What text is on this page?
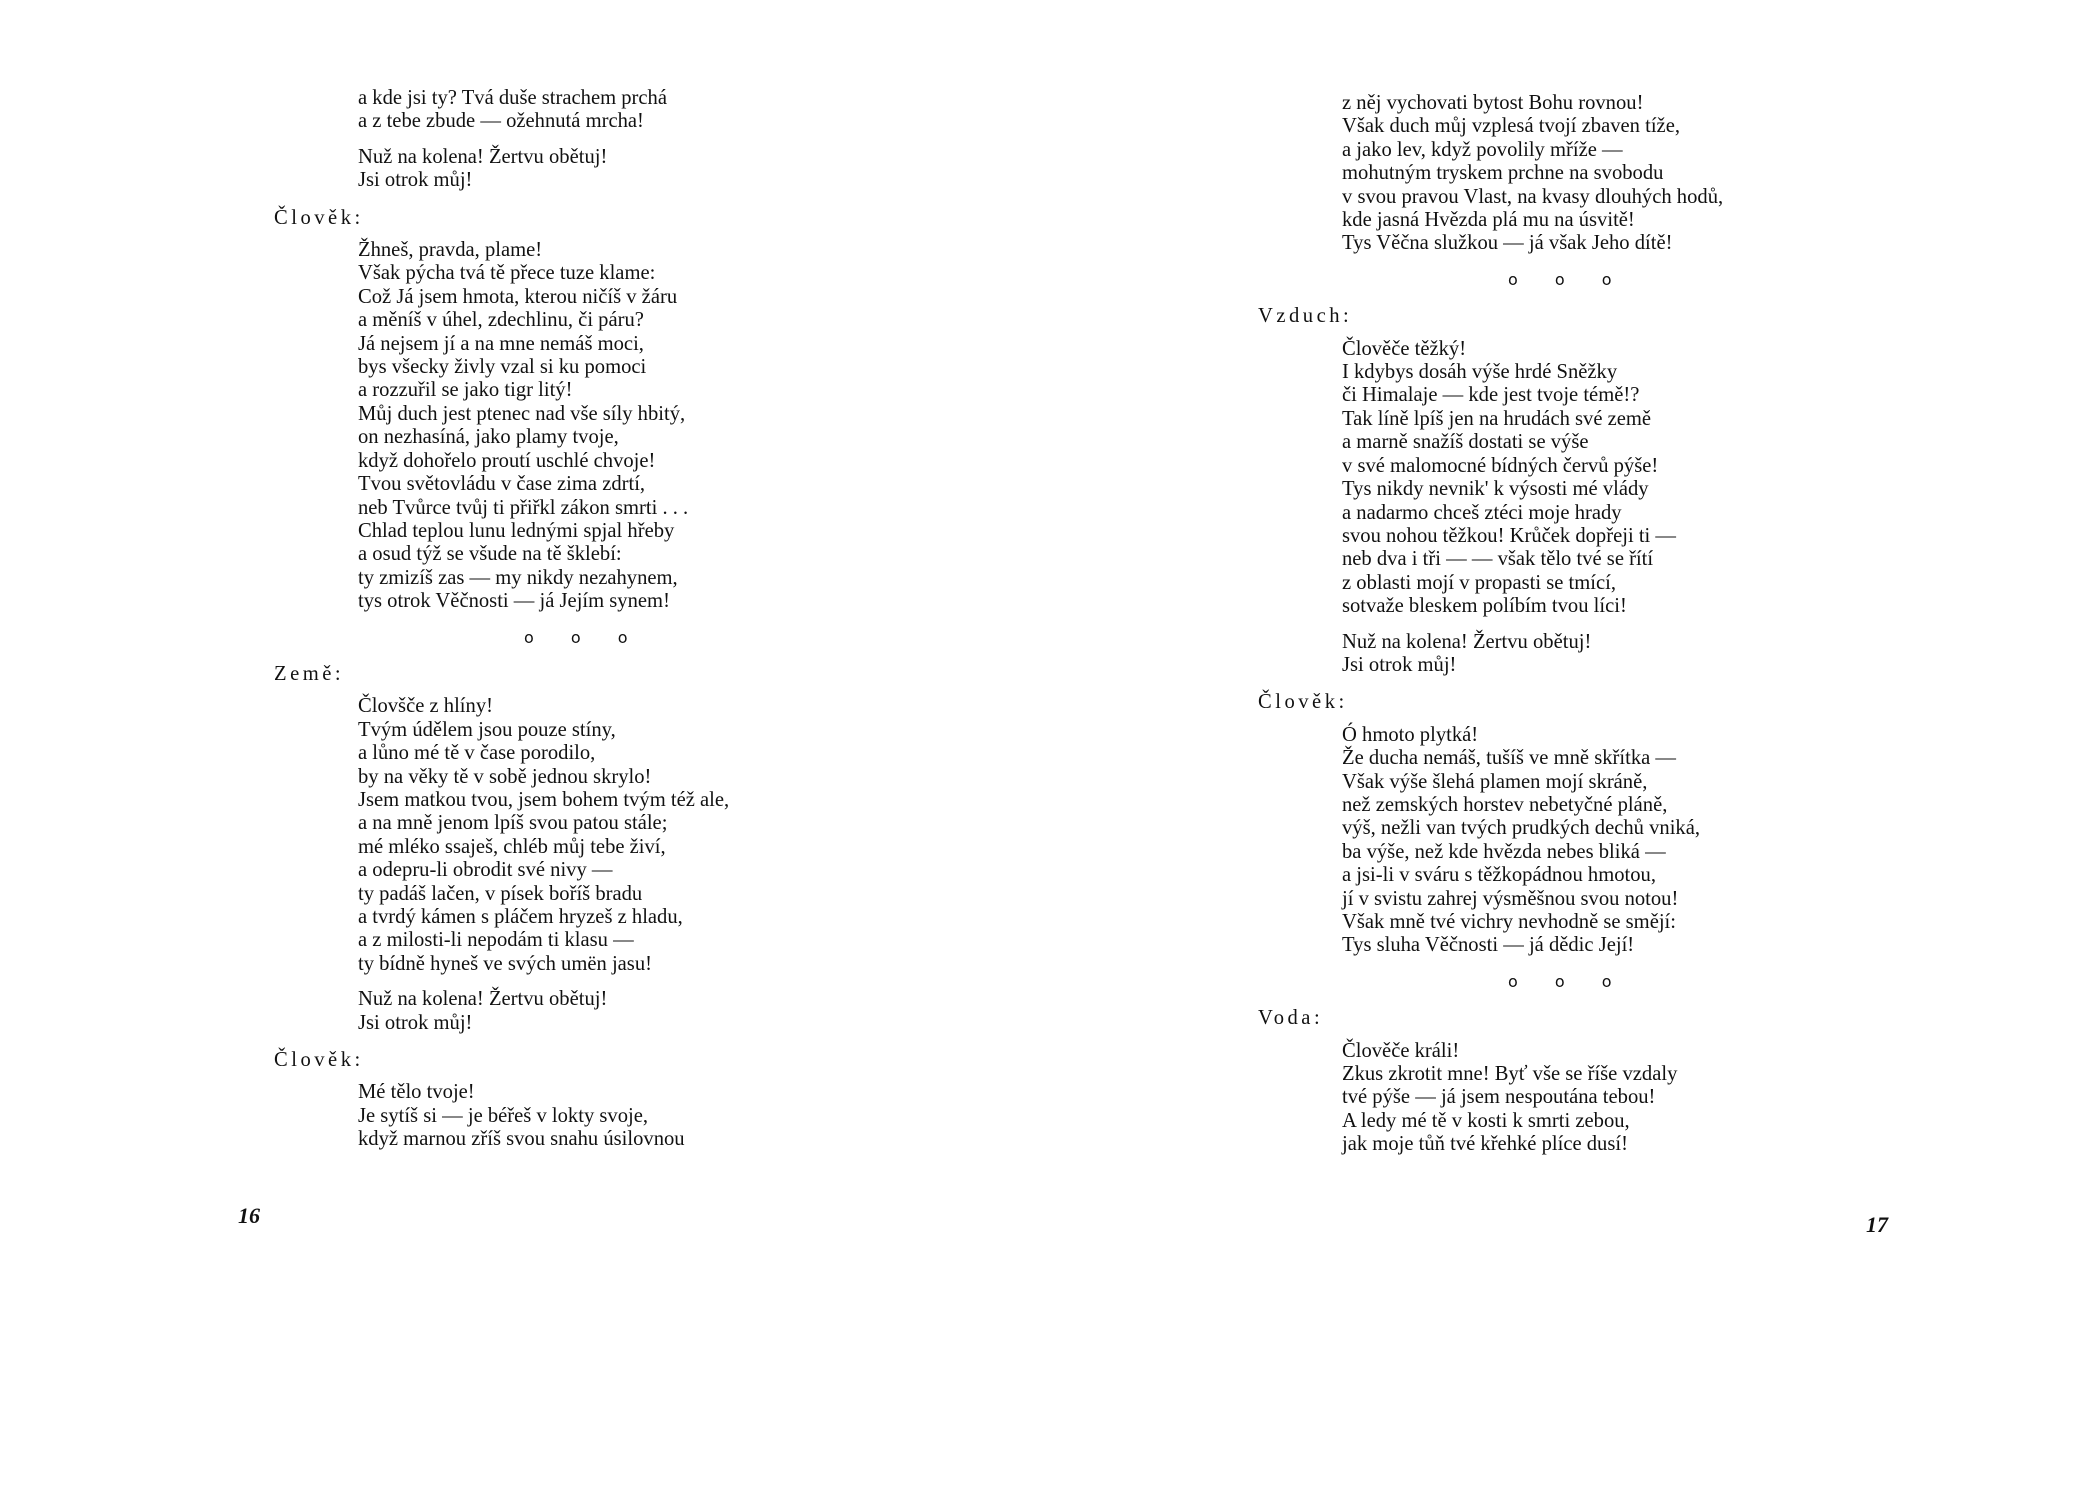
a kde jsi ty? Tvá duše strachem prchá
a z tebe zbude — ožehnutá mrcha!
Nuž na kolena! Žertvu obětuj!
Jsi otrok můj!
Člověk:
Žhneš, pravda, plame!
Však pýcha tvá tě přece tuze klame:
Což Já jsem hmota, kterou ničíš v žáru
a měníš v úhel, zdechlinu, či páru?
Já nejsem jí a na mne nemáš moci,
bys všecky živly vzal si ku pomoci
a rozzuřil se jako tigr litý!
Můj duch jest ptenec nad vše síly hbitý,
on nezhasíná, jako plamy tvoje,
když dohořelo proutí uschlé chvoje!
Tvou světovládu v čase zima zdrtí,
neb Tvůrce tvůj ti přiřkl zákon smrti . . .
Chlad teplou lunu lednými spjal hřeby
a osud týž se všude na tě šklebí:
ty zmizíš zas — my nikdy nezahynem,
tys otrok Věčnosti — já Jejím synem!
o o o
Země:
Človšče z hlíny!
Tvým údělem jsou pouze stíny,
a lůno mé tě v čase porodilo,
by na věky tě v sobě jednou skrylo!
Jsem matkou tvou, jsem bohem tvým též ale,
a na mně jenom lpíš svou patou stále;
mé mléko ssaješ, chléb můj tebe živí,
a odepru-li obrodit své nivy —
ty padáš lačen, v písek boříš bradu
a tvrdý kámen s pláčem hryzeš z hladu,
a z milosti-li nepodám ti klasu —
ty bídně hyneš ve svých umën jasu!
Nuž na kolena! Žertvu obětuj!
Jsi otrok můj!
Člověk:
Mé tělo tvoje!
Je sytíš si — je béřeš v lokty svoje,
když marnou zříš svou snahu úsilovnou
16
z něj vychovati bytost Bohu rovnou!
Však duch můj vzplesá tvojí zbaven tíže,
a jako lev, když povolily mříže —
mohutným tryskem prchne na svobodu
v svou pravou Vlast, na kvasy dlouhých hodů,
kde jasná Hvězda plá mu na úsvitě!
Tys Věčna služkou — já však Jeho dítě!
o o o
Vzduch:
Člověče těžký!
I kdybys dosáh výše hrdé Sněžky
či Himalaje — kde jest tvoje témě!?
Tak líně lpíš jen na hrudách své země
a marně snažíš dostati se výše
v své malomocné bídných červů pýše!
Tys nikdy nevnik' k výsosti mé vlády
a nadarmo chceš ztéci moje hrady
svou nohou těžkou! Krůček dopřeji ti —
neb dva i tři — — však tělo tvé se řítí
z oblasti mojí v propasti se tmící,
sotvaže bleskem políbím tvou líci!
Nuž na kolena! Žertvu obětuj!
Jsi otrok můj!
Člověk:
Ó hmoto plytká!
Že ducha nemáš, tušíš ve mně skřítka —
Však výše šlehá plamen mojí skráně,
než zemských horstev nebetyčné pláně,
výš, nežli van tvých prudkých dechů vniká,
ba výše, než kde hvězda nebes bliká —
a jsi-li v sváru s těžkopádnou hmotou,
jí v svistu zahrej výsměšnou svou notou!
Však mně tvé vichry nevhodně se smějí:
Tys sluha Věčnosti — já dědic Její!
o o o
Voda:
Člověče králi!
Zkus zkrotit mne! Byť vše se říše vzdaly
tvé pýše — já jsem nespoutána tebou!
A ledy mé tě v kosti k smrti zebou,
jak moje tůň tvé křehké plíce dusí!
17
